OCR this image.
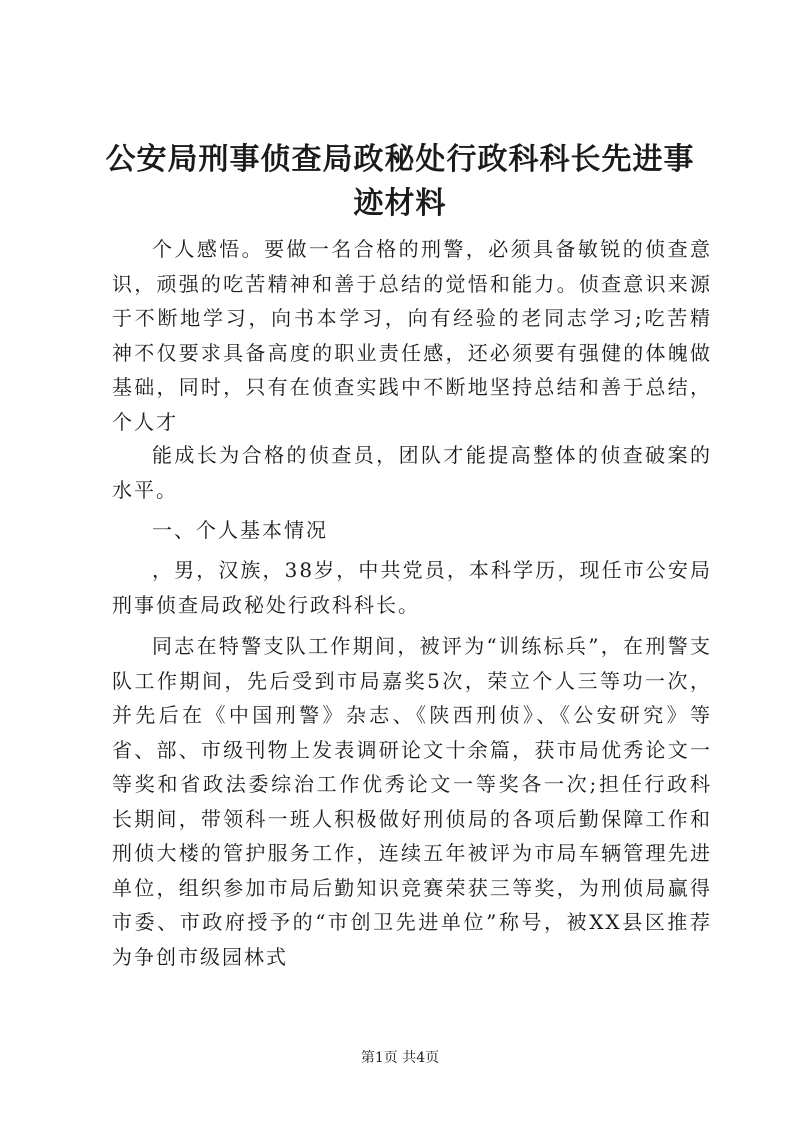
公安局刑事侦查局政秘处行政科科长先进事迹材料

个人感悟。要做一名合格的刑警，必须具备敏锐的侦查意识，顽强的吃苦精神和善于总结的觉悟和能力。侦查意识来源于不断地学习，向书本学习，向有经验的老同志学习;吃苦精神不仅要求具备高度的职业责任感，还必须要有强健的体魄做基础，同时，只有在侦查实践中不断地坚持总结和善于总结，个人才

能成长为合格的侦查员，团队才能提高整体的侦查破案的水平。

一、个人基本情况

，男，汉族，38岁，中共党员，本科学历，现任市公安局刑事侦查局政秘处行政科科长。

同志在特警支队工作期间，被评为“训练标兵”，在刑警支队工作期间，先后受到市局嘉奖5次，荣立个人三等功一次，并先后在《中国刑警》杂志、《陕西刑侦》、《公安研究》等省、部、市级刊物上发表调研论文十余篇，获市局优秀论文一等奖和省政法委综治工作优秀论文一等奖各一次;担任行政科长期间，带领科一班人积极做好刑侦局的各项后勤保障工作和刑侦大楼的管护服务工作，连续五年被评为市局车辆管理先进单位，组织参加市局后勤知识竞赛荣获三等奖，为刑侦局赢得市委、市政府授予的“市创卫先进单位”称号，被XX县区推荐为争创市级园林式

第1页 共4页
